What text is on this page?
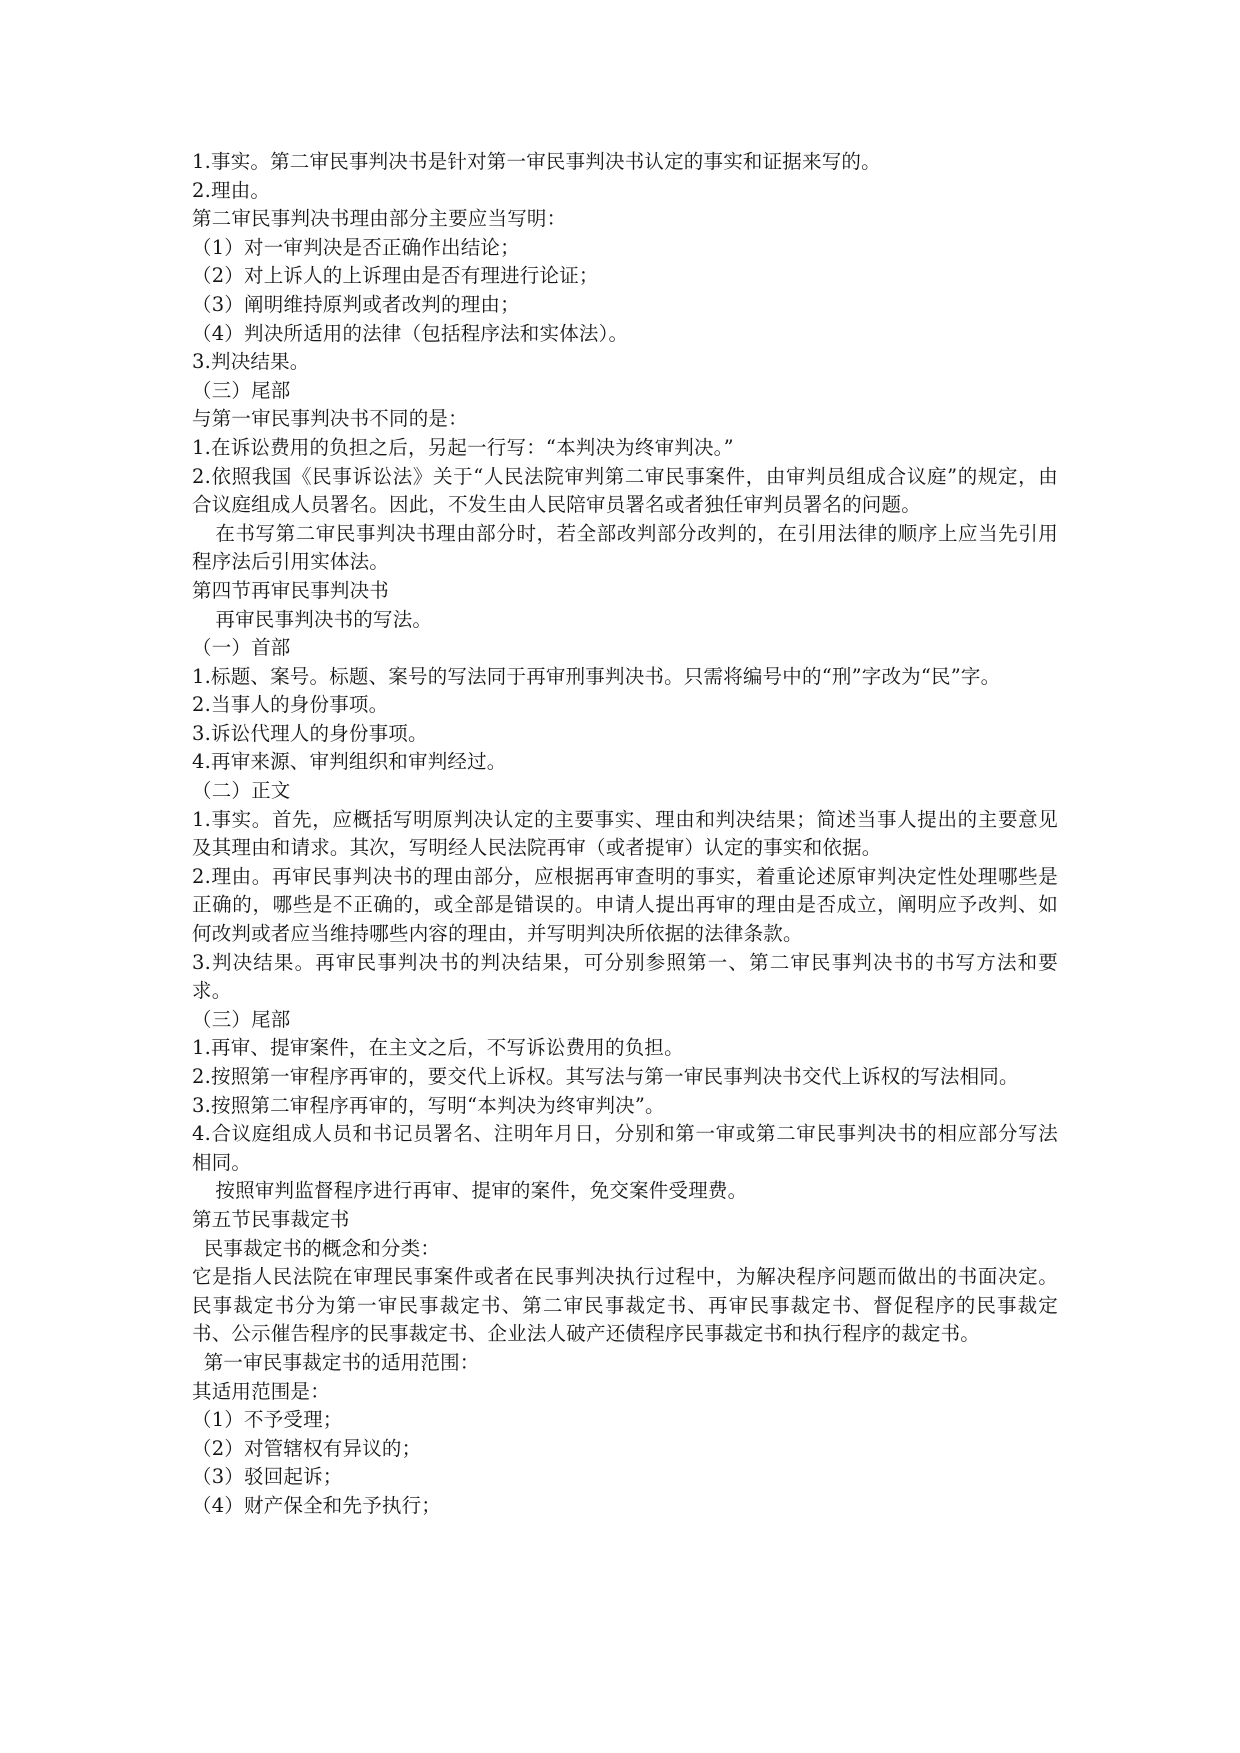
1.事实。第二审民事判决书是针对第一审民事判决书认定的事实和证据来写的。

2.理由。

第二审民事判决书理由部分主要应当写明：

（1）对一审判决是否正确作出结论；

（2）对上诉人的上诉理由是否有理进行论证；

（3）阐明维持原判或者改判的理由；

（4）判决所适用的法律（包括程序法和实体法）。

3.判决结果。

（三）尾部

与第一审民事判决书不同的是：

1.在诉讼费用的负担之后，另起一行写：“本判决为终审判决。”

2.依照我国《民事诉讼法》关于“人民法院审判第二审民事案件，由审判员组成合议庭”的规定，由合议庭组成人员署名。因此，不发生由人民陪审员署名或者独任审判员署名的问题。

在书写第二审民事判决书理由部分时，若全部改判部分改判的，在引用法律的顺序上应当先引用程序法后引用实体法。

第四节再审民事判决书

再审民事判决书的写法。

（一）首部

1.标题、案号。标题、案号的写法同于再审刑事判决书。只需将编号中的“刑”字改为“民”字。

2.当事人的身份事项。

3.诉讼代理人的身份事项。

4.再审来源、审判组织和审判经过。

（二）正文

1.事实。首先，应概括写明原判决认定的主要事实、理由和判决结果；简述当事人提出的主要意见及其理由和请求。其次，写明经人民法院再审（或者提审）认定的事实和依据。

2.理由。再审民事判决书的理由部分，应根据再审查明的事实，着重论述原审判决定性处理哪些是正确的，哪些是不正确的，或全部是错误的。申请人提出再审的理由是否成立，阐明应予改判、如何改判或者应当维持哪些内容的理由，并写明判决所依据的法律条款。

3.判决结果。再审民事判决书的判决结果，可分别参照第一、第二审民事判决书的书写方法和要求。

（三）尾部

1.再审、提审案件，在主文之后，不写诉讼费用的负担。

2.按照第一审程序再审的，要交代上诉权。其写法与第一审民事判决书交代上诉权的写法相同。

3.按照第二审程序再审的，写明“本判决为终审判决”。

4.合议庭组成人员和书记员署名、注明年月日，分别和第一审或第二审民事判决书的相应部分写法相同。

按照审判监督程序进行再审、提审的案件，免交案件受理费。

第五节民事裁定书

民事裁定书的概念和分类：

它是指人民法院在审理民事案件或者在民事判决执行过程中，为解决程序问题而做出的书面决定。民事裁定书分为第一审民事裁定书、第二审民事裁定书、再审民事裁定书、督促程序的民事裁定书、公示催告程序的民事裁定书、企业法人破产还债程序民事裁定书和执行程序的裁定书。

第一审民事裁定书的适用范围：

其适用范围是：

（1）不予受理；

（2）对管辖权有异议的；

（3）驳回起诉；

（4）财产保全和先予执行；
